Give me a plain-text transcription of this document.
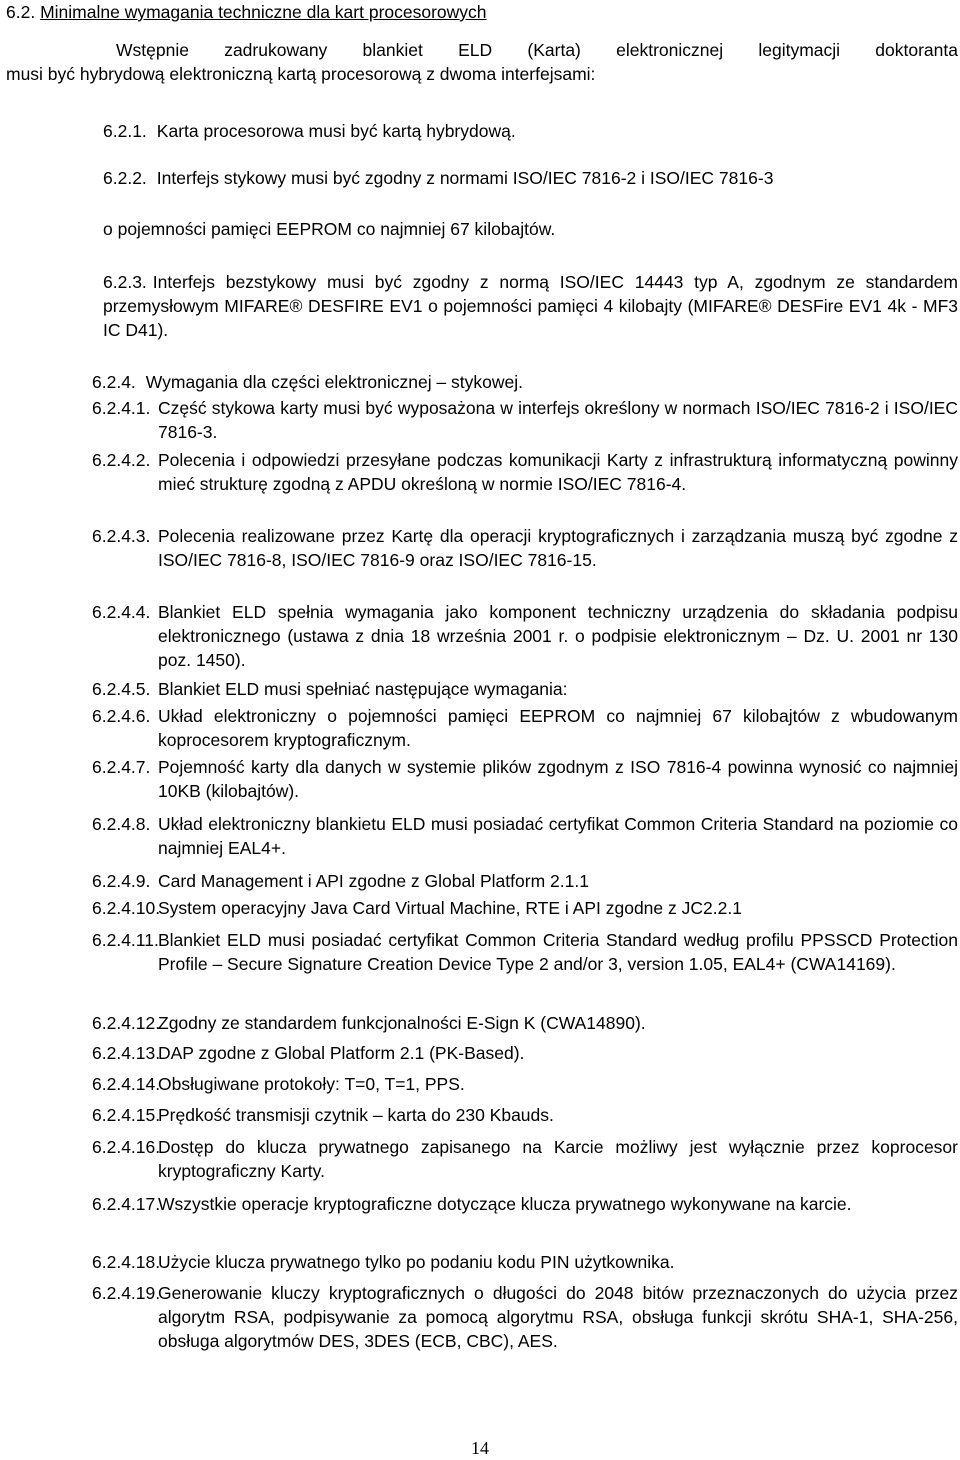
6.2. Minimalne wymagania techniczne dla kart procesorowych
Wstępnie zadrukowany blankiet ELD (Karta) elektronicznej legitymacji doktoranta
musi być hybrydową elektroniczną kartą procesorową z dwoma interfejsami:
6.2.1. Karta procesorowa musi być kartą hybrydową.
6.2.2. Interfejs stykowy musi być zgodny z normami ISO/IEC 7816-2 i ISO/IEC 7816-3
o pojemności pamięci EEPROM co najmniej 67 kilobajtów.
6.2.3. Interfejs bezstykowy musi być zgodny z normą ISO/IEC 14443 typ A, zgodnym ze standardem przemysłowym MIFARE® DESFIRE EV1 o pojemności pamięci 4 kilobajty (MIFARE® DESFire EV1 4k - MF3 IC D41).
6.2.4. Wymagania dla części elektronicznej – stykowej.
6.2.4.1. Część stykowa karty musi być wyposażona w interfejs określony w normach ISO/IEC 7816-2 i ISO/IEC 7816-3.
6.2.4.2. Polecenia i odpowiedzi przesyłane podczas komunikacji Karty z infrastrukturą informatyczną powinny mieć strukturę zgodną z APDU określoną w normie ISO/IEC 7816-4.
6.2.4.3. Polecenia realizowane przez Kartę dla operacji kryptograficznych i zarządzania muszą być zgodne z ISO/IEC 7816-8, ISO/IEC 7816-9 oraz ISO/IEC 7816-15.
6.2.4.4. Blankiet ELD spełnia wymagania jako komponent techniczny urządzenia do składania podpisu elektronicznego (ustawa z dnia 18 września 2001 r. o podpisie elektronicznym – Dz. U. 2001 nr 130 poz. 1450).
6.2.4.5. Blankiet ELD musi spełniać następujące wymagania:
6.2.4.6. Układ elektroniczny o pojemności pamięci EEPROM co najmniej 67 kilobajtów z wbudowanym koprocesorem kryptograficznym.
6.2.4.7. Pojemność karty dla danych w systemie plików zgodnym z ISO 7816-4 powinna wynosić co najmniej 10KB (kilobajtów).
6.2.4.8. Układ elektroniczny blankietu ELD musi posiadać certyfikat Common Criteria Standard na poziomie co najmniej EAL4+.
6.2.4.9. Card Management i API zgodne z Global Platform 2.1.1
6.2.4.10.
System operacyjny Java Card Virtual Machine, RTE i API zgodne z JC2.2.1
6.2.4.11. Blankiet ELD musi posiadać certyfikat Common Criteria Standard według profilu PPSSCD Protection Profile – Secure Signature Creation Device Type 2 and/or 3, version 1.05, EAL4+ (CWA14169).
6.2.4.12.
Zgodny ze standardem funkcjonalności E-Sign K (CWA14890).
6.2.4.13.
DAP zgodne z Global Platform 2.1 (PK-Based).
6.2.4.14.
Obsługiwane protokoły: T=0, T=1, PPS.
6.2.4.15.
Prędkość transmisji czytnik – karta do 230 Kbauds.
6.2.4.16.
Dostęp do klucza prywatnego zapisanego na Karcie możliwy jest wyłącznie przez koprocesor kryptograficzny Karty.
6.2.4.17.
Wszystkie operacje kryptograficzne dotyczące klucza prywatnego wykonywane na karcie.
6.2.4.18.
Użycie klucza prywatnego tylko po podaniu kodu PIN użytkownika.
6.2.4.19.
Generowanie kluczy kryptograficznych o długości do 2048 bitów przeznaczonych do użycia przez algorytm RSA, podpisywanie za pomocą algorytmu RSA, obsługa funkcji skrótu SHA-1, SHA-256, obsługa algorytmów DES, 3DES (ECB, CBC), AES.
14
